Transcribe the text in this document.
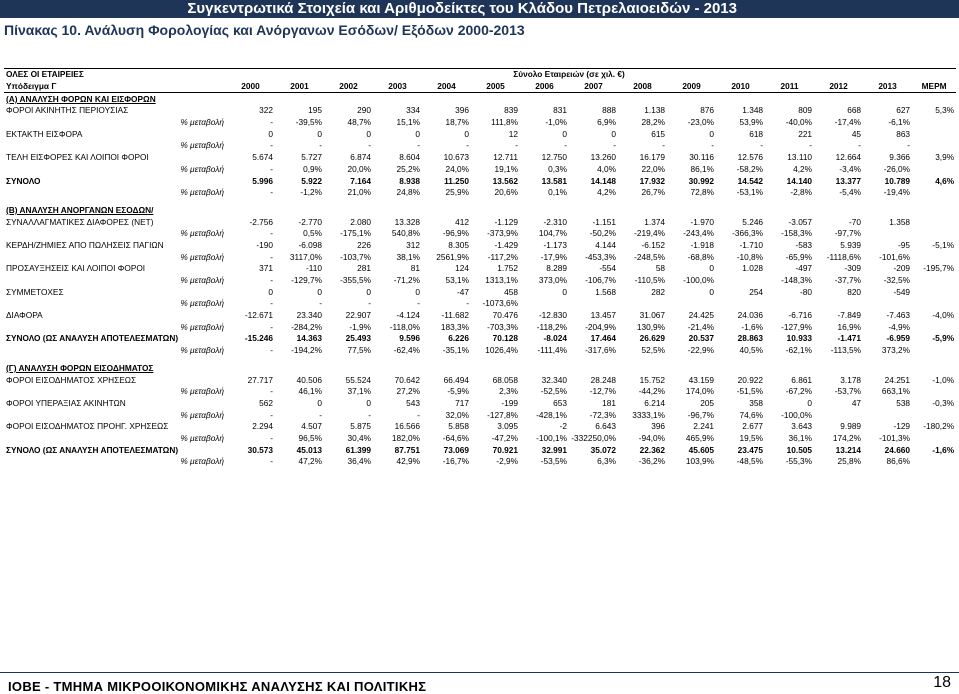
Συγκεντρωτικά Στοιχεία και Αριθμοδείκτες του Κλάδου Πετρελαιοειδών - 2013
Πίνακας 10. Ανάλυση Φορολογίας και Ανόργανων Εσόδων/ Εξόδων 2000-2013
ΟΛΕΣ ΟΙ ΕΤΑΙΡΕΙΕΣ						Σύνολο Εταιρειών (σε χιλ. €)									
Υπόδειγμα Γ	2000	2001	2002	2003	2004	2005	2006	2007	2008	2009	2010	2011	2012	2013	ΜΕΡΜ
(Α) ΑΝΑΛΥΣΗ ΦΟΡΩΝ ΚΑΙ ΕΙΣΦΟΡΩΝ															
ΦΟΡΟΙ ΑΚΙΝΗΤΗΣ ΠΕΡΙΟΥΣΙΑΣ	322	195	290	334	396	839	831	888	1.138	876	1.348	809	668	627	5,3%
% μεταβολή	-	-39,5%	48,7%	15,1%	18,7%	111,8%	-1,0%	6,9%	28,2%	-23,0%	53,9%	-40,0%	-17,4%	-6,1%	
ΕΚΤΑΚΤΗ ΕΙΣΦΟΡΑ	0	0	0	0	0	12	0	0	615	0	618	221	45	863	
% μεταβολή	-	-	-	-	-	-	-	-	-	-	-	-	-	-	
ΤΕΛΗ ΕΙΣΦΟΡΕΣ ΚΑΙ ΛΟΙΠΟΙ ΦΟΡΟΙ	5.674	5.727	6.874	8.604	10.673	12.711	12.750	13.260	16.179	30.116	12.576	13.110	12.664	9.366	3,9%
% μεταβολή	-	0,9%	20,0%	25,2%	24,0%	19,1%	0,3%	4,0%	22,0%	86,1%	-58,2%	4,2%	-3,4%	-26,0%	
ΣΥΝΟΛΟ	5.996	5.922	7.164	8.938	11.250	13.562	13.581	14.148	17.932	30.992	14.542	14.140	13.377	10.789	4,6%
% μεταβολή	-	-1,2%	21,0%	24,8%	25,9%	20,6%	0,1%	4,2%	26,7%	72,8%	-53,1%	-2,8%	-5,4%	-19,4%	

(Β) ΑΝΑΛΥΣΗ ΑΝΟΡΓΑΝΩΝ ΕΣΟΔΩΝ/															
ΣΥΝΑΛΛΑΓΜΑΤΙΚΕΣ ΔΙΑΦΟΡΕΣ (ΝΕΤ)	-2.756	-2.770	2.080	13.328	412	-1.129	-2.310	-1.151	1.374	-1.970	5.246	-3.057	-70	1.358	
% μεταβολή	-	0,5%	-175,1%	540,8%	-96,9%	-373,9%	104,7%	-50,2%	-219,4%	-243,4%	-366,3%	-158,3%	-97,7%		
ΚΕΡΔΗ/ΖΗΜΙΕΣ ΑΠΟ ΠΩΛΗΣΕΙΣ ΠΑΓΙΩΝ	-190	-6.098	226	312	8.305	-1.429	-1.173	4.144	-6.152	-1.918	-1.710	-583	5.939	-95	-5,1%
% μεταβολή	-	3117,0%	-103,7%	38,1%	2561,9%	-117,2%	-17,9%	-453,3%	-248,5%	-68,8%	-10,8%	-65,9%	-1118,6%	-101,6%	
ΠΡΟΣΑΥΞΗΣΕΙΣ ΚΑΙ ΛΟΙΠΟΙ ΦΟΡΟΙ	371	-110	281	81	124	1.752	8.289	-554	58	0	1.028	-497	-309	-209	-195,7%
% μεταβολή	-	-129,7%	-355,5%	-71,2%	53,1%	1313,1%	373,0%	-106,7%	-110,5%	-100,0%		-148,3%	-37,7%	-32,5%	
ΣΥΜΜΕΤΟΧΕΣ	0	0	0	0	-47	458	0	1.568	282	0	254	-80	820	-549	
% μεταβολή	-	-	-	-	-	-1073,6%									
ΔΙΑΦΟΡΑ	-12.671	23.340	22.907	-4.124	-11.682	70.476	-12.830	13.457	31.067	24.425	24.036	-6.716	-7.849	-7.463	-4,0%
% μεταβολή	-	-284,2%	-1,9%	-118,0%	183,3%	-703,3%	-118,2%	-204,9%	130,9%	-21,4%	-1,6%	-127,9%	16,9%	-4,9%	
ΣΥΝΟΛΟ (ΩΣ ΑΝΑΛΥΣΗ ΑΠΟΤΕΛΕΣΜΑΤΩΝ)	-15.246	14.363	25.493	9.596	6.226	70.128	-8.024	17.464	26.629	20.537	28.863	10.933	-1.471	-6.959	-5,9%
% μεταβολή	-	-194,2%	77,5%	-62,4%	-35,1%	1026,4%	-111,4%	-317,6%	52,5%	-22,9%	40,5%	-62,1%	-113,5%	373,2%	

(Γ) ΑΝΑΛΥΣΗ ΦΟΡΩΝ ΕΙΣΟΔΗΜΑΤΟΣ															
ΦΟΡΟΙ ΕΙΣΟΔΗΜΑΤΟΣ ΧΡΗΣΕΩΣ	27.717	40.506	55.524	70.642	66.494	68.058	32.340	28.248	15.752	43.159	20.922	6.861	3.178	24.251	-1,0%
% μεταβολή	-	46,1%	37,1%	27,2%	-5,9%	2,3%	-52,5%	-12,7%	-44,2%	174,0%	-51,5%	-67,2%	-53,7%	663,1%	
ΦΟΡΟΙ ΥΠΕΡΑΞΙΑΣ ΑΚΙΝΗΤΩΝ	562	0	0	543	717	-199	653	181	6.214	205	358	0	47	538	-0,3%
% μεταβολή	-	-	-	-	32,0%	-127,8%	-428,1%	-72,3%	3333,1%	-96,7%	74,6%	-100,0%			
ΦΟΡΟΙ ΕΙΣΟΔΗΜΑΤΟΣ ΠΡΟΗΓ. ΧΡΗΣΕΩΣ	2.294	4.507	5.875	16.566	5.858	3.095	-2	6.643	396	2.241	2.677	3.643	9.989	-129	-180,2%
% μεταβολή	-	96,5%	30,4%	182,0%	-64,6%	-47,2%	-100,1%	-332250,0%	-94,0%	465,9%	19,5%	36,1%	174,2%	-101,3%	
ΣΥΝΟΛΟ (ΩΣ ΑΝΑΛΥΣΗ ΑΠΟΤΕΛΕΣΜΑΤΩΝ)	30.573	45.013	61.399	87.751	73.069	70.921	32.991	35.072	22.362	45.605	23.475	10.505	13.214	24.660	-1,6%
% μεταβολή	-	47,2%	36,4%	42,9%	-16,7%	-2,9%	-53,5%	6,3%	-36,2%	103,9%	-48,5%	-55,3%	25,8%	86,6%	
ΙΟΒΕ - ΤΜΗΜΑ ΜΙΚΡΟΟΙΚΟΝΟΜΙΚΗΣ ΑΝΑΛΥΣΗΣ ΚΑΙ ΠΟΛΙΤΙΚΗΣ	18
